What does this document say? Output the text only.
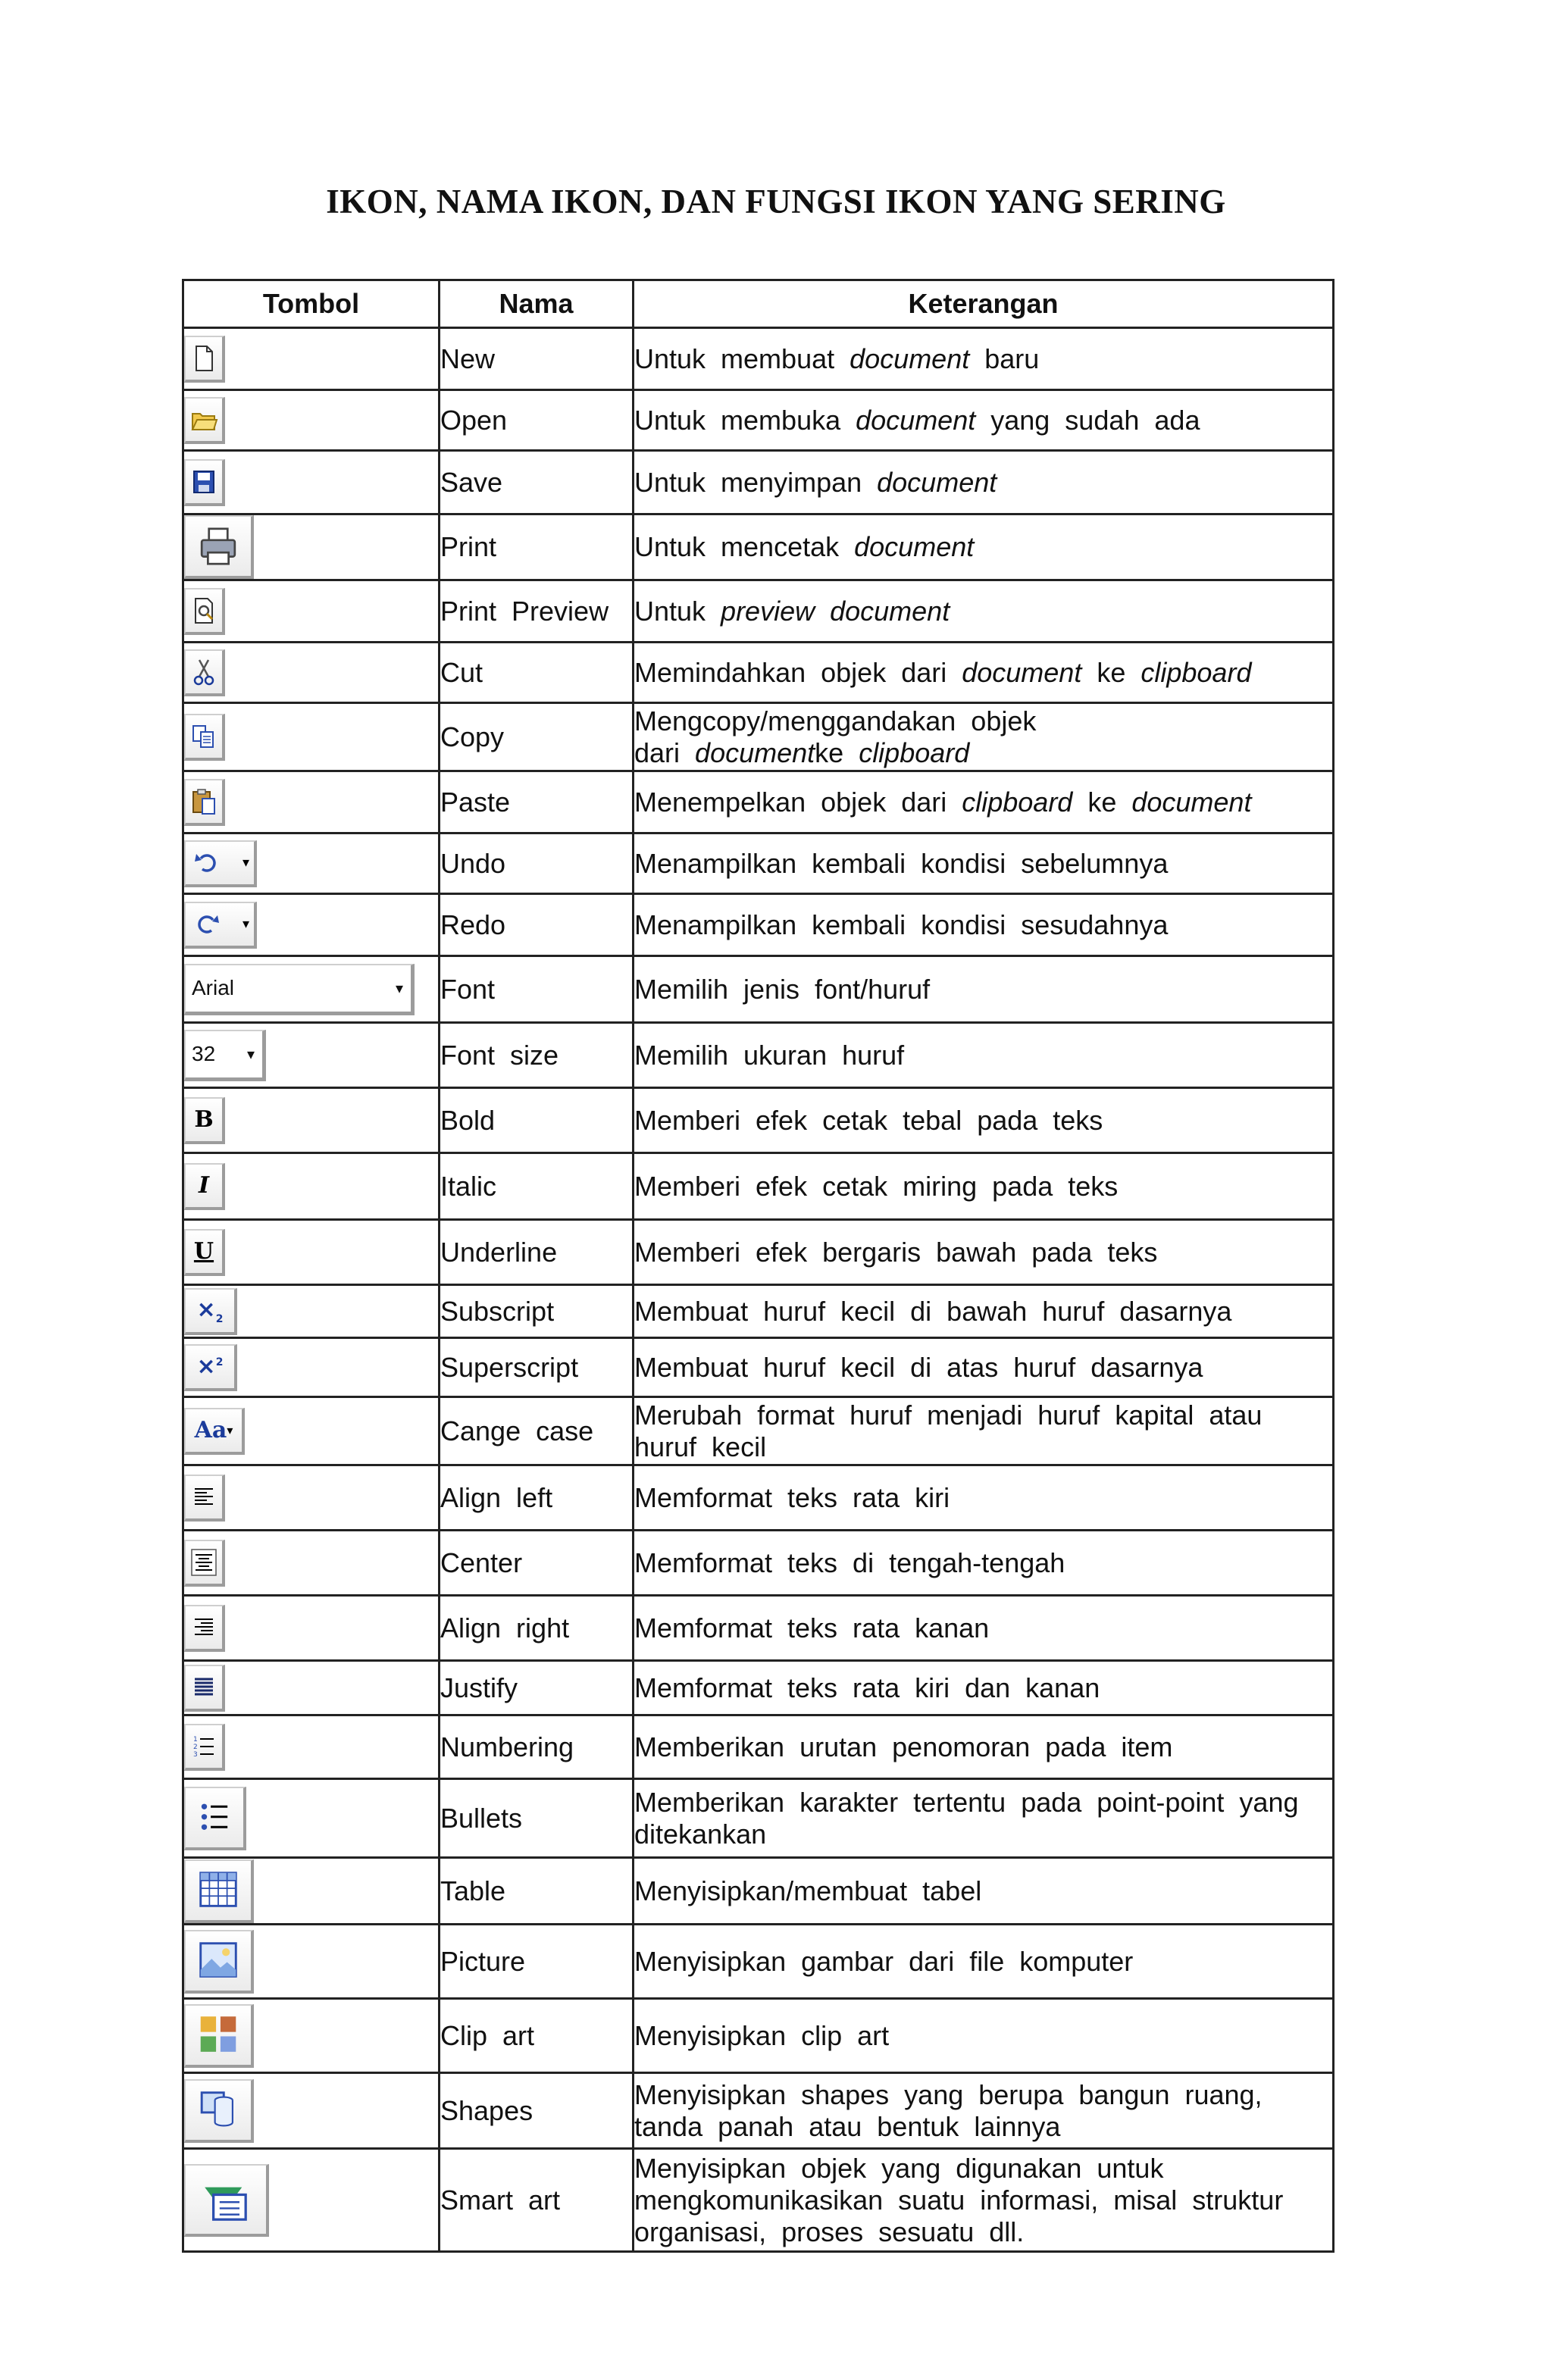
IKON, NAMA IKON, DAN FUNGSI IKON YANG SERING
Tombol	Nama	Keterangan

	New	Untuk  membuat  document  baru

	Open	Untuk  membuka  document  yang  sudah  ada

	Save	Untuk  menyimpan  document

	Print	Untuk  mencetak  document

	Print  Preview	Untuk  preview  document

	Cut	Memindahkan  objek  dari  document  ke  clipboard

	Copy	Mengcopy/menggandakan  objek
dari  documentke  clipboard

	Paste	Menempelkan  objek  dari  clipboard  ke  document

▾	Undo	Menampilkan  kembali  kondisi  sebelumnya

▾	Redo	Menampilkan  kembali  kondisi  sesudahnya

Arial ▾	Font	Memilih  jenis  font/huruf

32 ▾	Font  size	Memilih  ukuran  huruf

B	Bold	Memberi  efek  cetak  tebal  pada  teks

I	Italic	Memberi  efek  cetak  miring  pada  teks

U	Underline	Memberi  efek  bergaris  bawah  pada  teks

$\times_2$	Subscript	Membuat  huruf  kecil  di  bawah  huruf  dasarnya

×$^2$	Superscript	Membuat  huruf  kecil  di  atas  huruf  dasarnya

Aa ▾	Cange  case	Merubah  format  huruf  menjadi  huruf  kapital  atau
huruf  kecil

	Align  left	Memformat  teks  rata  kiri

	Center	Memformat  teks  di  tengah-tengah

	Align  right	Memformat  teks  rata  kanan

	Justify	Memformat  teks  rata  kiri  dan  kanan

1
2
3	Numbering	Memberikan  urutan  penomoran  pada  item

	Bullets	Memberikan  karakter  tertentu  pada  point-point  yang
ditekankan

	Table	Menyisipkan/membuat  tabel

	Picture	Menyisipkan  gambar  dari  file  komputer

	Clip  art	Menyisipkan  clip  art

	Shapes	Menyisipkan  shapes  yang  berupa  bangun  ruang,
tanda  panah  atau  bentuk  lainnya

	Smart  art	Menyisipkan  objek  yang  digunakan  untuk
mengkomunikasikan  suatu  informasi,  misal  struktur
organisasi,  proses  sesuatu  dll.
